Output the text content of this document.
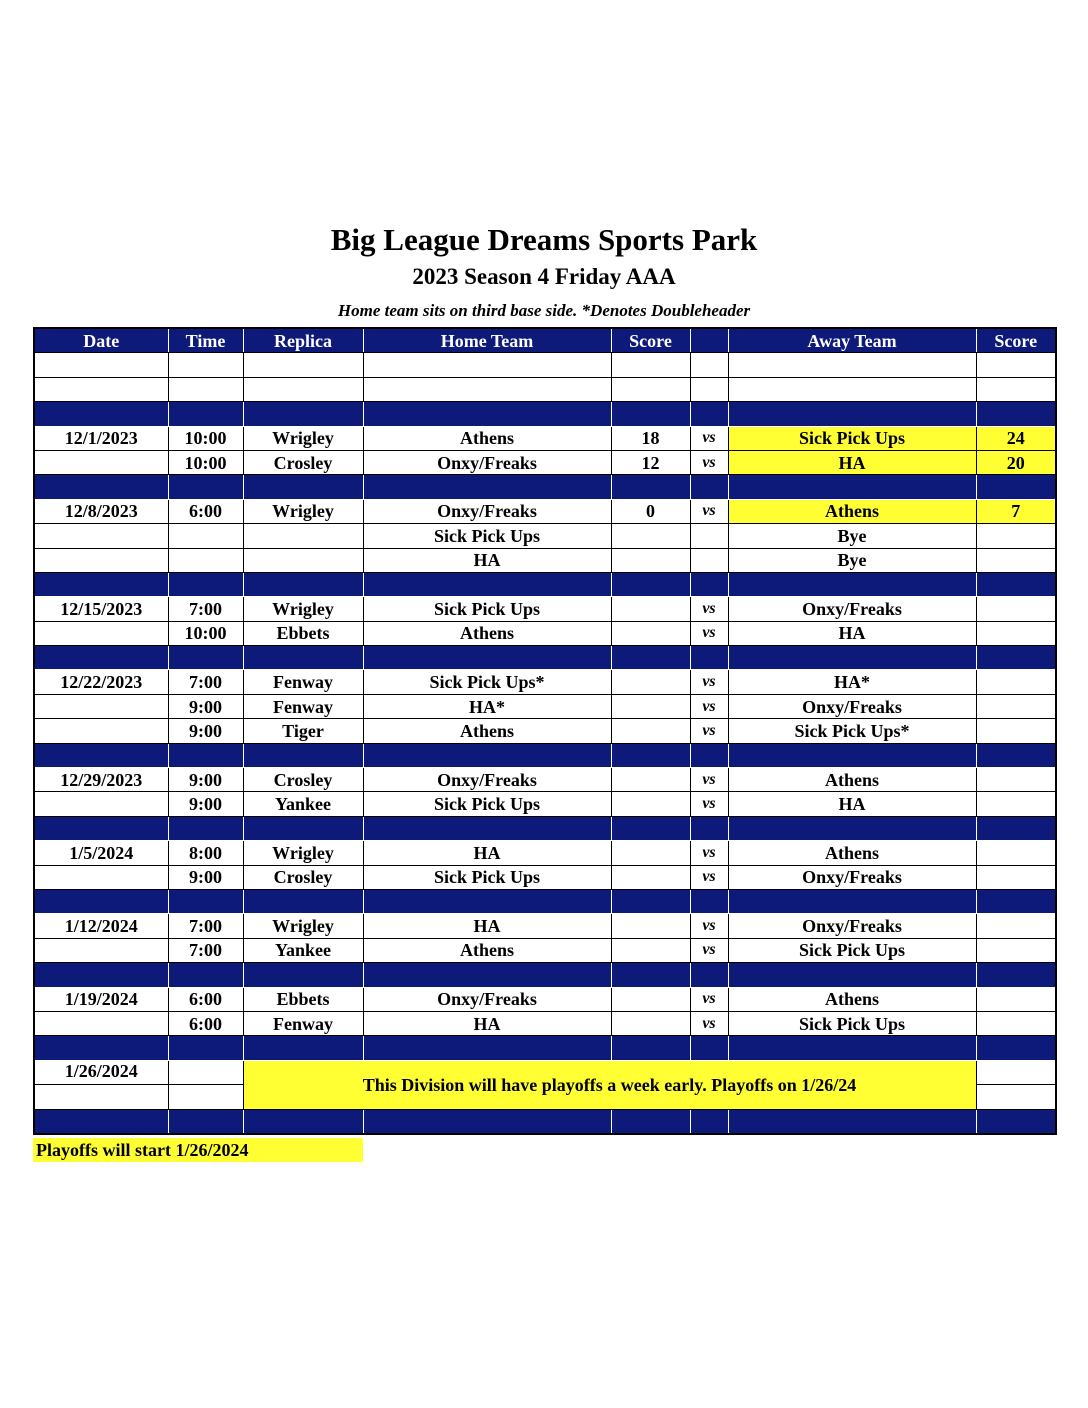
Big League Dreams Sports Park
2023 Season 4 Friday AAA
Home team sits on third base side. *Denotes Doubleheader
Date	Time	Replica	Home Team	Score		Away Team	Score

12/1/2023	10:00	Wrigley	Athens	18	vs	Sick Pick Ups	24
	10:00	Crosley	Onxy/Freaks	12	vs	HA	20

12/8/2023	6:00	Wrigley	Onxy/Freaks	0	vs	Athens	7
			Sick Pick Ups			Bye	
			HA			Bye	

12/15/2023	7:00	Wrigley	Sick Pick Ups		vs	Onxy/Freaks	
	10:00	Ebbets	Athens		vs	HA	

12/22/2023	7:00	Fenway	Sick Pick Ups*		vs	HA*	
	9:00	Fenway	HA*		vs	Onxy/Freaks	
	9:00	Tiger	Athens		vs	Sick Pick Ups*	

12/29/2023	9:00	Crosley	Onxy/Freaks		vs	Athens	
	9:00	Yankee	Sick Pick Ups		vs	HA	

1/5/2024	8:00	Wrigley	HA		vs	Athens	
	9:00	Crosley	Sick Pick Ups		vs	Onxy/Freaks	

1/12/2024	7:00	Wrigley	HA		vs	Onxy/Freaks	
	7:00	Yankee	Athens		vs	Sick Pick Ups	

1/19/2024	6:00	Ebbets	Onxy/Freaks		vs	Athens	
	6:00	Fenway	HA		vs	Sick Pick Ups	

1/26/2024		This Division will have playoffs a week early. Playoffs on 1/26/24					

Playoffs will start 1/26/2024
